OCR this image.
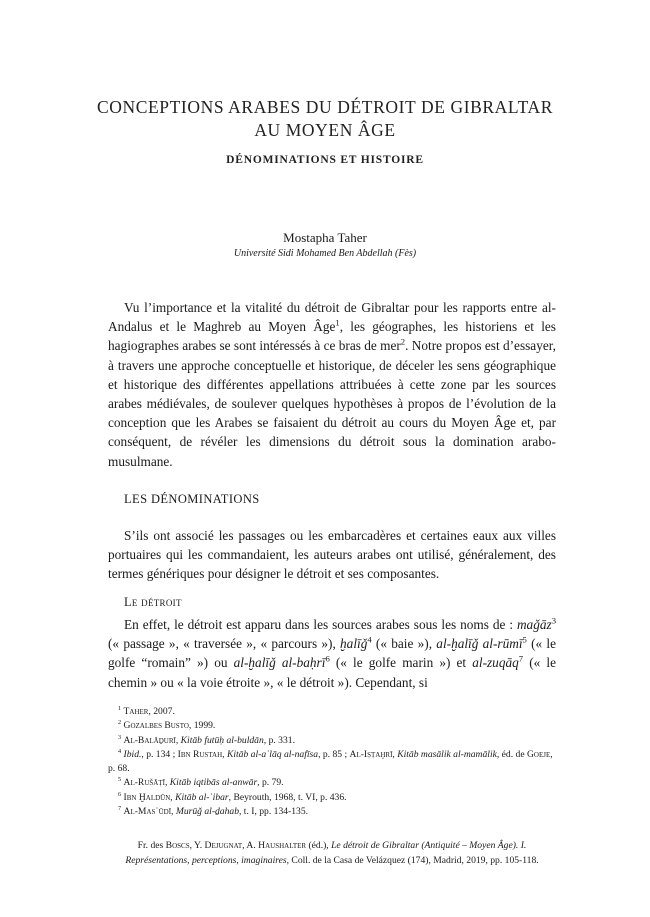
CONCEPTIONS ARABES DU DÉTROIT DE GIBRALTAR
AU MOYEN ÂGE
DÉNOMINATIONS ET HISTOIRE
Mostapha Taher
Université Sidi Mohamed Ben Abdellah (Fès)

Vu l’importance et la vitalité du détroit de Gibraltar pour les rapports entre al-Andalus et le Maghreb au Moyen Âge$^1$, les géographes, les historiens et les hagiographes arabes se sont intéressés à ce bras de mer$^2$. Notre propos est d’essayer, à travers une approche conceptuelle et historique, de déceler les sens géographique et historique des différentes appellations attribuées à cette zone par les sources arabes médiévales, de soulever quelques hypothèses à propos de l’évolution de la conception que les Arabes se faisaient du détroit au cours du Moyen Âge et, par conséquent, de révéler les dimensions du détroit sous la domination arabo-musulmane.

LES DÉNOMINATIONS

S’ils ont associé les passages ou les embarcadères et certaines eaux aux villes portuaires qui les commandaient, les auteurs arabes ont utilisé, généralement, des termes génériques pour désigner le détroit et ses composantes.

Le détroit

En effet, le détroit est apparu dans les sources arabes sous les noms de : maǧāz$^3$ (« passage », « traversée », « parcours »), ḫalīǧ$^4$ (« baie »), al-ḫalīǧ al-rūmī$^5$ (« le golfe “romain” ») ou al-ḫalīǧ al-baḥrī$^6$ (« le golfe marin ») et al-zuqāq$^7$ (« le chemin » ou « la voie étroite », « le détroit »). Cependant, si

$^1$ Taher, 2007.
$^2$ Gozalbes Busto, 1999.
$^3$ Al-Balāḏurī, Kitāb futūḥ al-buldān, p. 331.
$^4$ Ibid., p. 134 ; Ibn Rustah, Kitāb al-aʿlāq al-nafīsa, p. 85 ; Al-Iṣṭaḫrī, Kitāb masālik al-mamālik, éd. de Goeje, p. 68.
$^5$ Al-Rušāṭī, Kitāb iqtibās al-anwār, p. 79.
$^6$ Ibn Ḫaldūn, Kitāb al-ʿibar, Beyrouth, 1968, t. VI, p. 436.
$^7$ Al-Masʿūdī, Murūǧ al-ḏahab, t. I, pp. 134-135.

Fr. des Boscs, Y. Dejugnat, A. Haushalter (éd.), Le détroit de Gibraltar (Antiquité – Moyen Âge). I. Représentations, perceptions, imaginaires, Coll. de la Casa de Velázquez (174), Madrid, 2019, pp. 105-118.
